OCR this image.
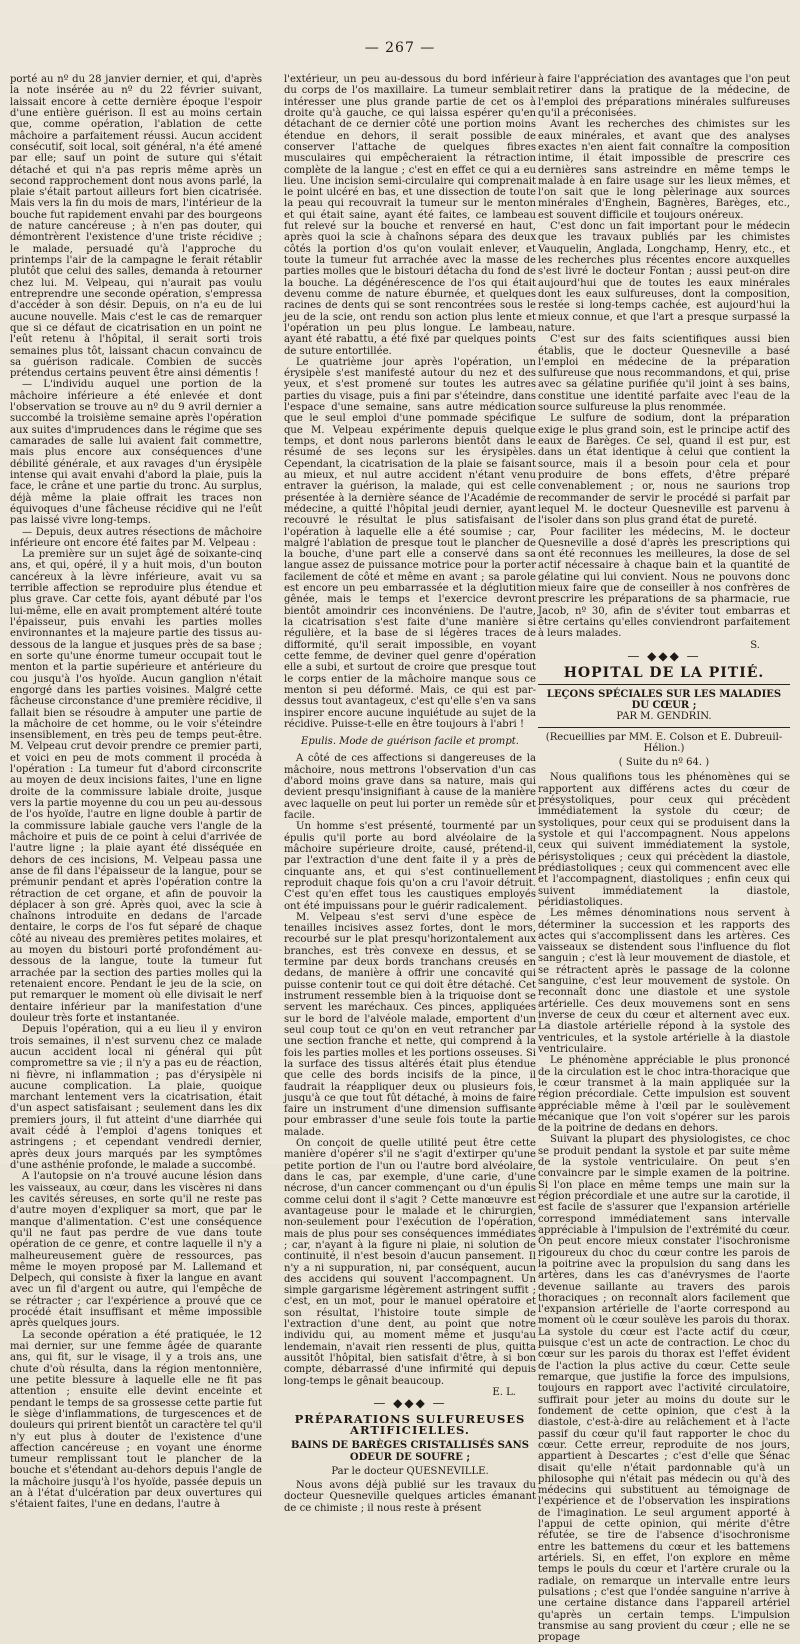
— 267 —

porté au nº du 28 janvier dernier, et qui, d'après la note insérée au nº du 22 février suivant, laissait encore à cette dernière époque l'espoir d'une entière guérison. Il est au moins certain que, comme opération, l'ablation de cette mâchoire a parfaitement réussi. Aucun accident consécutif, soit local, soit général, n'a été amené par elle; sauf un point de suture qui s'était détaché et qui n'a pas repris même après un second rapprochement dont nous avons parlé, la plaie s'était partout ailleurs fort bien cicatrisée. Mais vers la fin du mois de mars, l'intérieur de la bouche fut rapidement envahi par des bourgeons de nature cancéreuse ; à n'en pas douter, qui démontrèrent l'existence d'une triste récidive ; le malade, persuadé qu'à l'approche du printemps l'air de la campagne le ferait rétablir plutôt que celui des salles, demanda à retourner chez lui. M. Velpeau, qui n'aurait pas voulu entreprendre une seconde opération, s'empressa d'accéder à son désir. Depuis, on n'a eu de lui aucune nouvelle. Mais c'est le cas de remarquer que si ce défaut de cicatrisation en un point ne l'eût retenu à l'hôpital, il serait sorti trois semaines plus tôt, laissant chacun convaincu de sa guérison radicale. Combien de succès prétendus certains peuvent être ainsi démentis !

— L'individu auquel une portion de la mâchoire inférieure a été enlevée et dont l'observation se trouve au nº du 9 avril dernier a succombé la troisième semaine après l'opération aux suites d'imprudences dans le régime que ses camarades de salle lui avaient fait commettre, mais plus encore aux conséquences d'une débilité générale, et aux ravages d'un érysipèle intense qui avait envahi d'abord la plaie, puis la face, le crâne et une partie du tronc. Au surplus, déjà même la plaie offrait les traces non équivoques d'une fâcheuse récidive qui ne l'eût pas laissé vivre long-temps.

— Depuis, deux autres résections de mâchoire inférieure ont encore été faites par M. Velpeau :

La première sur un sujet âgé de soixante-cinq ans, et qui, opéré, il y a huit mois, d'un bouton cancéreux à la lèvre inférieure, avait vu sa terrible affection se reproduire plus étendue et plus grave. Car cette fois, ayant débuté par l'os lui-même, elle en avait promptement altéré toute l'épaisseur, puis envahi les parties molles environnantes et la majeure partie des tissus au-dessous de la langue et jusques près de sa base ; en sorte qu'une énorme tumeur occupait tout le menton et la partie supérieure et antérieure du cou jusqu'à l'os hyoïde. Aucun ganglion n'était engorgé dans les parties voisines. Malgré cette fâcheuse circonstance d'une première récidive, il fallait bien se résoudre à amputer une partie de la mâchoire de cet homme, ou le voir s'éteindre insensiblement, en très peu de temps peut-être. M. Velpeau crut devoir prendre ce premier parti, et voici en peu de mots comment il procéda à l'opération : La tumeur fut d'abord circonscrite au moyen de deux incisions faites, l'une en ligne droite de la commissure labiale droite, jusque vers la partie moyenne du cou un peu au-dessous de l'os hyoïde, l'autre en ligne double à partir de la commissure labiale gauche vers l'angle de la mâchoire et puis de ce point à celui d'arrivée de l'autre ligne ; la plaie ayant été disséquée en dehors de ces incisions, M. Velpeau passa une anse de fil dans l'épaisseur de la langue, pour se prémunir pendant et après l'opération contre la rétraction de cet organe, et afin de pouvoir la déplacer à son gré. Après quoi, avec la scie à chaînons introduite en dedans de l'arcade dentaire, le corps de l'os fut séparé de chaque côté au niveau des premières petites molaires, et au moyen du bistouri porté profondément au-dessous de la langue, toute la tumeur fut arrachée par la section des parties molles qui la retenaient encore. Pendant le jeu de la scie, on put remarquer le moment où elle divisait le nerf dentaire inférieur par la manifestation d'une douleur très forte et instantanée.

Depuis l'opération, qui a eu lieu il y environ trois semaines, il n'est survenu chez ce malade aucun accident local ni général qui pût compromettre sa vie ; il n'y a pas eu de réaction, ni fièvre, ni inflammation ; pas d'érysipèle ni aucune complication. La plaie, quoique marchant lentement vers la cicatrisation, était d'un aspect satisfaisant ; seulement dans les dix premiers jours, il fut atteint d'une diarrhée qui avait cédé à l'emploi d'agens toniques et astringens ; et cependant vendredi dernier, après deux jours marqués par les symptômes d'une asthénie profonde, le malade a succombé.

A l'autopsie on n'a trouvé aucune lésion dans les vaisseaux, au cœur, dans les viscères ni dans les cavités séreuses, en sorte qu'il ne reste pas d'autre moyen d'expliquer sa mort, que par le manque d'alimentation. C'est une conséquence qu'il ne faut pas perdre de vue dans toute opération de ce genre, et contre laquelle il n'y a malheureusement guère de ressources, pas même le moyen proposé par M. Lallemand et Delpech, qui consiste à fixer la langue en avant avec un fil d'argent ou autre, qui l'empêche de se rétracter ; car l'expérience a prouvé que ce procédé était insuffisant et même impossible après quelques jours.

La seconde opération a été pratiquée, le 12 mai dernier, sur une femme âgée de quarante ans, qui fit, sur le visage, il y a trois ans, une chute d'où résulta, dans la région mentonnière, une petite blessure à laquelle elle ne fit pas attention ; ensuite elle devint enceinte et pendant le temps de sa grossesse cette partie fut le siège d'inflammations, de turgescences et de douleurs qui prirent bientôt un caractère tel qu'il n'y eut plus à douter de l'existence d'une affection cancéreuse ; en voyant une énorme tumeur remplissant tout le plancher de la bouche et s'étendant au-dehors depuis l'angle de la mâchoire jusqu'à l'os hyoïde, passée depuis un an à l'état d'ulcération par deux ouvertures qui s'étaient faites, l'une en dedans, l'autre à

l'extérieur, un peu au-dessous du bord inférieur du corps de l'os maxillaire. La tumeur semblait intéresser une plus grande partie de cet os à droite qu'à gauche, ce qui laissa espérer qu'en détachant de ce dernier côté une portion moins étendue en dehors, il serait possible de conserver l'attache de quelques fibres musculaires qui empêcheraient la rétraction complète de la langue ; c'est en effet ce qui a eu lieu. Une incision semi-circulaire qui comprenait le point ulcéré en bas, et une dissection de toute la peau qui recouvrait la tumeur sur le menton et qui était saine, ayant été faites, ce lambeau fut relevé sur la bouche et renversé en haut, après quoi la scie à chaînons sépara des deux côtés la portion d'os qu'on voulait enlever, et toute la tumeur fut arrachée avec la masse de parties molles que le bistouri détacha du fond de la bouche. La dégénérescence de l'os qui était devenu comme de nature éburnée, et quelques racines de dents qui se sont rencontrées sous le jeu de la scie, ont rendu son action plus lente et l'opération un peu plus longue. Le lambeau, ayant été rabattu, a été fixé par quelques points de suture entortillée.

Le quatrième jour après l'opération, un érysipèle s'est manifesté autour du nez et des yeux, et s'est promené sur toutes les autres parties du visage, puis a fini par s'éteindre, dans l'espace d'une semaine, sans autre médication que le seul emploi d'une pommade spécifique que M. Velpeau expérimente depuis quelque temps, et dont nous parlerons bientôt dans le résumé de ses leçons sur les érysipèles. Cependant, la cicatrisation de la plaie se faisant au mieux, et nul autre accident n'étant venu entraver la guérison, la malade, qui est celle présentée à la dernière séance de l'Académie de médecine, a quitté l'hôpital jeudi dernier, ayant recouvré le résultat le plus satisfaisant de l'opération à laquelle elle a été soumise ; car, malgré l'ablation de presque tout le plancher de la bouche, d'une part elle a conservé dans sa langue assez de puissance motrice pour la porter facilement de côté et même en avant ; sa parole est encore un peu embarrassée et la déglutition gênée, mais le temps et l'exercice devront bientôt amoindrir ces inconvéniens. De l'autre, la cicatrisation s'est faite d'une manière si régulière, et la base de si légères traces de difformité, qu'il serait impossible, en voyant cette femme, de deviner quel genre d'opération elle a subi, et surtout de croire que presque tout le corps entier de la mâchoire manque sous ce menton si peu déformé. Mais, ce qui est par-dessus tout avantageux, c'est qu'elle s'en va sans inspirer encore aucune inquiétude au sujet de la récidive. Puisse-t-elle en être toujours à l'abri !

Epulis. Mode de guérison facile et prompt.

A côté de ces affections si dangereuses de la mâchoire, nous mettrons l'observation d'un cas d'abord moins grave dans sa nature, mais qui devient presqu'insignifiant à cause de la manière avec laquelle on peut lui porter un remède sûr et facile.

Un homme s'est présenté, tourmenté par un épulis qu'il porte au bord alvéolaire de la mâchoire supérieure droite, causé, prétend-il, par l'extraction d'une dent faite il y a près de cinquante ans, et qui s'est continuellement reproduit chaque fois qu'on a cru l'avoir détruit. C'est qu'en effet tous les caustiques employés ont été impuissans pour le guérir radicalement.

M. Velpeau s'est servi d'une espèce de tenailles incisives assez fortes, dont le mors, recourbé sur le plat presqu'horizontalement aux branches, est très convexe en dessus, et se termine par deux bords tranchans creusés en dedans, de manière à offrir une concavité qui puisse contenir tout ce qui doit être détaché. Cet instrument ressemble bien à la triquoise dont se servent les maréchaux. Ces pinces, appliquées sur le bord de l'alvéole malade, emportent d'un seul coup tout ce qu'on en veut retrancher par une section franche et nette, qui comprend à la fois les parties molles et les portions osseuses. Si la surface des tissus altérés était plus étendue que celle des bords incisifs de la pince, il faudrait la réappliquer deux ou plusieurs fois, jusqu'à ce que tout fût détaché, à moins de faire faire un instrument d'une dimension suffisante pour embrasser d'une seule fois toute la partie malade.

On conçoit de quelle utilité peut être cette manière d'opérer s'il ne s'agit d'extirper qu'une petite portion de l'un ou l'autre bord alvéolaire, dans le cas, par exemple, d'une carie, d'une nécrose, d'un cancer commençant ou d'un épulis comme celui dont il s'agit ? Cette manœuvre est avantageuse pour le malade et le chirurgien, non-seulement pour l'exécution de l'opération, mais de plus pour ses conséquences immédiates ; car, n'ayant à la figure ni plaie, ni solution de continuité, il n'est besoin d'aucun pansement. Il n'y a ni suppuration, ni, par conséquent, aucun des accidens qui souvent l'accompagnent. Un simple gargarisme légèrement astringent suffit ; c'est, en un mot, pour le manuel opératoire et son résultat, l'histoire toute simple de l'extraction d'une dent, au point que notre individu qui, au moment même et jusqu'au lendemain, n'avait rien ressenti de plus, quitta aussitôt l'hôpital, bien satisfait d'être, à si bon compte, débarrassé d'une infirmité qui depuis long-temps le gênait beaucoup.

E. L.
— ◆◆◆ —
PRÉPARATIONS SULFUREUSES ARTIFICIELLES.
BAINS DE BARÈGES CRISTALLISÉS SANS ODEUR DE SOUFRE ;
Par le docteur QUESNEVILLE.

Nous avons déjà publié sur les travaux du docteur Quesneville quelques articles émanant de ce chimiste ; il nous reste à présent

à faire l'appréciation des avantages que l'on peut retirer dans la pratique de la médecine, de l'emploi des préparations minérales sulfureuses qu'il a préconisées.

Avant les recherches des chimistes sur les eaux minérales, et avant que des analyses exactes n'en aient fait connaître la composition intime, il était impossible de prescrire ces dernières sans astreindre en même temps le malade à en faire usage sur les lieux mêmes, et l'on sait que le long pèlerinage aux sources minérales d'Enghein, Bagnères, Barèges, etc., est souvent difficile et toujours onéreux.

C'est donc un fait important pour le médecin que les travaux publiés par les chimistes Vauquelin, Anglada, Longchamp, Henry, etc., et les recherches plus récentes encore auxquelles s'est livré le docteur Fontan ; aussi peut-on dire aujourd'hui que de toutes les eaux minérales dont les eaux sulfureuses, dont la composition, restée si long-temps cachée, est aujourd'hui la mieux connue, et que l'art a presque surpassé la nature.

C'est sur des faits scientifiques aussi bien établis, que le docteur Quesneville a basé l'emploi en médecine de la préparation sulfureuse que nous recommandons, et qui, prise avec sa gélatine purifiée qu'il joint à ses bains, constitue une identité parfaite avec l'eau de la source sulfureuse la plus renommée.

Le sulfure de sodium, dont la préparation exige le plus grand soin, est le principe actif des eaux de Barèges. Ce sel, quand il est pur, est dans un état identique à celui que contient la source, mais il a besoin pour cela et pour produire de bons effets, d'être préparé convenablement ; or, nous ne saurions trop recommander de servir le procédé si parfait par lequel M. le docteur Quesneville est parvenu à l'isoler dans son plus grand état de pureté.

Pour faciliter les médecins, M. le docteur Quesneville a dosé d'après les prescriptions qui ont été reconnues les meilleures, la dose de sel actif nécessaire à chaque bain et la quantité de gélatine qui lui convient. Nous ne pouvons donc mieux faire que de conseiller à nos confrères de prescrire les préparations de sa pharmacie, rue Jacob, nº 30, afin de s'éviter tout embarras et être certains qu'elles conviendront parfaitement à leurs malades.

S.
— ◆◆◆ —
HOPITAL DE LA PITIÉ.
LEÇONS SPÉCIALES SUR LES MALADIES DU CŒUR ;
PAR M. GENDRIN.
(Recueillies par MM. E. Colson et E. Dubreuil-Hélion.)
( Suite du nº 64. )

Nous qualifions tous les phénomènes qui se rapportent aux différens actes du cœur de présystoliques, pour ceux qui précèdent immédiatement la systole du cœur; de systoliques, pour ceux qui se produisent dans la systole et qui l'accompagnent. Nous appelons ceux qui suivent immédiatement la systole, périsystoliques ; ceux qui précèdent la diastole, prédiastoliques ; ceux qui commencent avec elle et l'accompagnent, diastoliques ; enfin ceux qui suivent immédiatement la diastole, péridiastoliques.

Les mêmes dénominations nous servent à déterminer la succession et les rapports des actes qui s'accomplissent dans les artères. Ces vaisseaux se distendent sous l'influence du flot sanguin ; c'est là leur mouvement de diastole, et se rétractent après le passage de la colonne sanguine, c'est leur mouvement de systole. On reconnaît donc une diastole et une systole artérielle. Ces deux mouvemens sont en sens inverse de ceux du cœur et alternent avec eux. La diastole artérielle répond à la systole des ventricules, et la systole artérielle à la diastole ventriculaire.

Le phénomène appréciable le plus prononcé de la circulation est le choc intra-thoracique que le cœur transmet à la main appliquée sur la région précordiale. Cette impulsion est souvent appréciable même à l'œil par le soulèvement mécanique que l'on voit s'opérer sur les parois de la poitrine de dedans en dehors.

Suivant la plupart des physiologistes, ce choc se produit pendant la systole et par suite même de la systole ventriculaire. On peut s'en convaincre par le simple examen de la poitrine. Si l'on place en même temps une main sur la région précordiale et une autre sur la carotide, il est facile de s'assurer que l'expansion artérielle correspond immédiatement sans intervalle appréciable à l'impulsion de l'extrémité du cœur. On peut encore mieux constater l'isochronisme rigoureux du choc du cœur contre les parois de la poitrine avec la propulsion du sang dans les artères, dans les cas d'anévrysmes de l'aorte devenue saillante au travers des parois thoraciques ; on reconnaît alors facilement que l'expansion artérielle de l'aorte correspond au moment où le cœur soulève les parois du thorax. La systole du cœur est l'acte actif du cœur, puisque c'est un acte de contraction. Le choc du cœur sur les parois du thorax est l'effet évident de l'action la plus active du cœur. Cette seule remarque, que justifie la force des impulsions, toujours en rapport avec l'activité circulatoire, suffirait pour jeter au moins du doute sur le fondement de cette opinion, que c'est à la diastole, c'est-à-dire au relâchement et à l'acte passif du cœur qu'il faut rapporter le choc du cœur. Cette erreur, reproduite de nos jours, appartient à Descartes ; c'est d'elle que Sénac disait qu'elle n'était pardonnable qu'à un philosophe qui n'était pas médecin ou qu'à des médecins qui substituent au témoignage de l'expérience et de l'observation les inspirations de l'imagination. Le seul argument apporté à l'appui de cette opinion, qui mérite d'être réfutée, se tire de l'absence d'isochronisme entre les battemens du cœur et les battemens artériels. Si, en effet, l'on explore en même temps le pouls du cœur et l'artère crurale ou la radiale, on remarque un intervalle entre leurs pulsations ; c'est que l'ondée sanguine n'arrive à une certaine distance dans l'appareil artériel qu'après un certain temps. L'impulsion transmise au sang provient du cœur ; elle ne se propage
